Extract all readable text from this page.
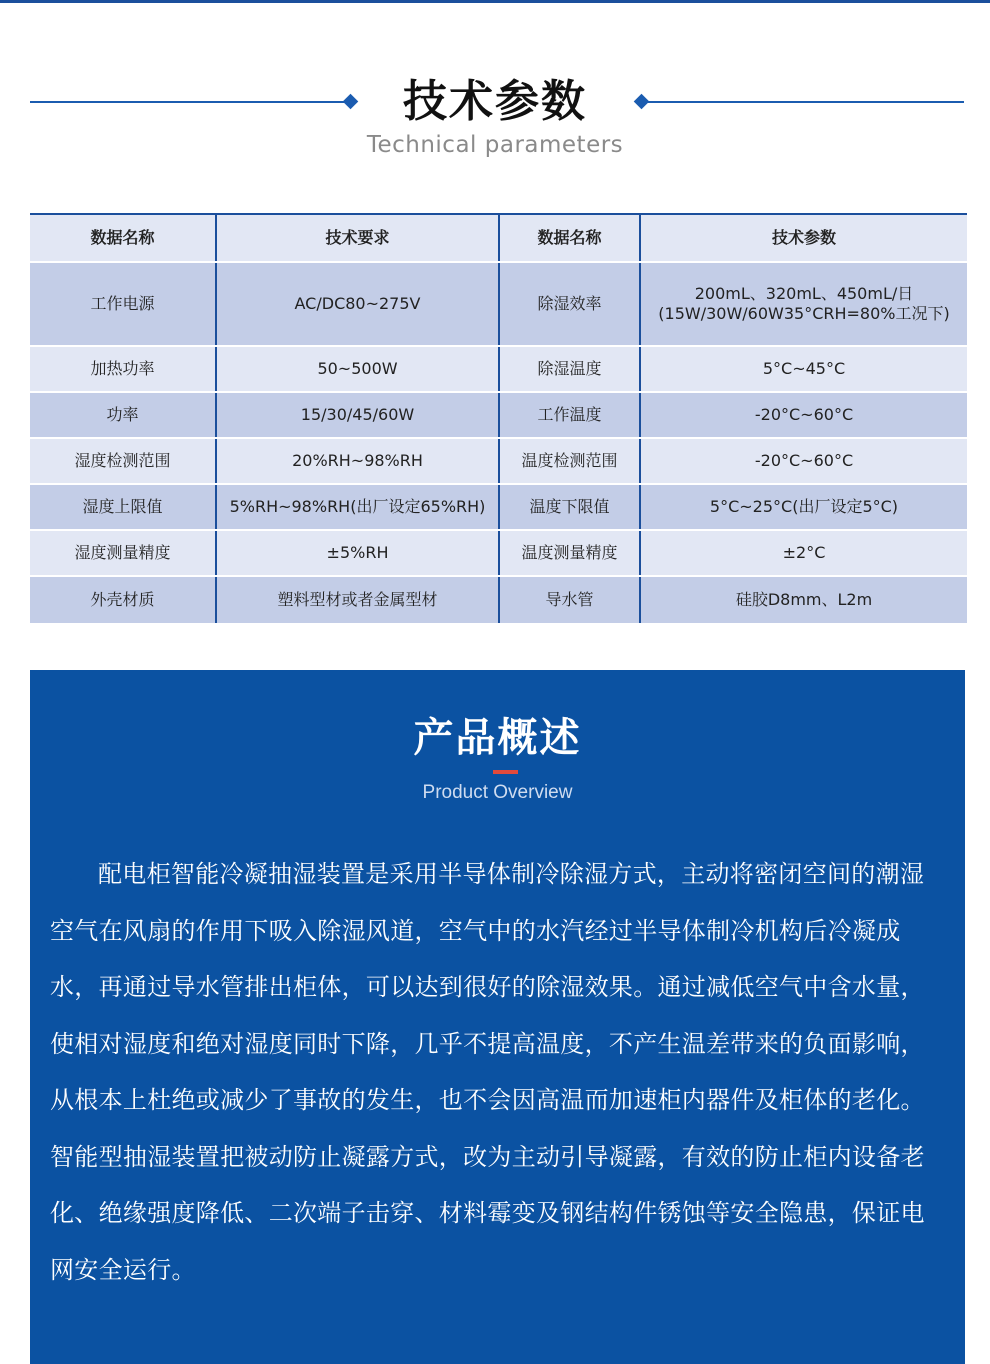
技术参数
Technical parameters
数据名称	技术要求	数据名称	技术参数
工作电源	AC/DC80~275V	除湿效率
200mL、320mL、450mL/日
(15W/30W/60W35°CRH=80%工况下)
加热功率	50~500W	除湿温度	5°C~45°C
功率	15/30/45/60W	工作温度	-20°C~60°C
湿度检测范围	20%RH~98%RH	温度检测范围	-20°C~60°C
湿度上限值	5%RH~98%RH(出厂设定65%RH)	温度下限值	5°C~25°C(出厂设定5°C)
湿度测量精度	±5%RH	温度测量精度	±2°C
外壳材质	塑料型材或者金属型材	导水管	硅胶D8mm、L2m
产品概述
Product Overview
配电柜智能冷凝抽湿装置是采用半导体制冷除湿方式，主动将密闭空间的潮湿空气在风扇的作用下吸入除湿风道，空气中的水汽经过半导体制冷机构后冷凝成水，再通过导水管排出柜体，可以达到很好的除湿效果。通过减低空气中含水量，使相对湿度和绝对湿度同时下降，几乎不提高温度，不产生温差带来的负面影响，从根本上杜绝或减少了事故的发生，也不会因高温而加速柜内器件及柜体的老化。智能型抽湿装置把被动防止凝露方式，改为主动引导凝露，有效的防止柜内设备老化、绝缘强度降低、二次端子击穿、材料霉变及钢结构件锈蚀等安全隐患，保证电网安全运行。
